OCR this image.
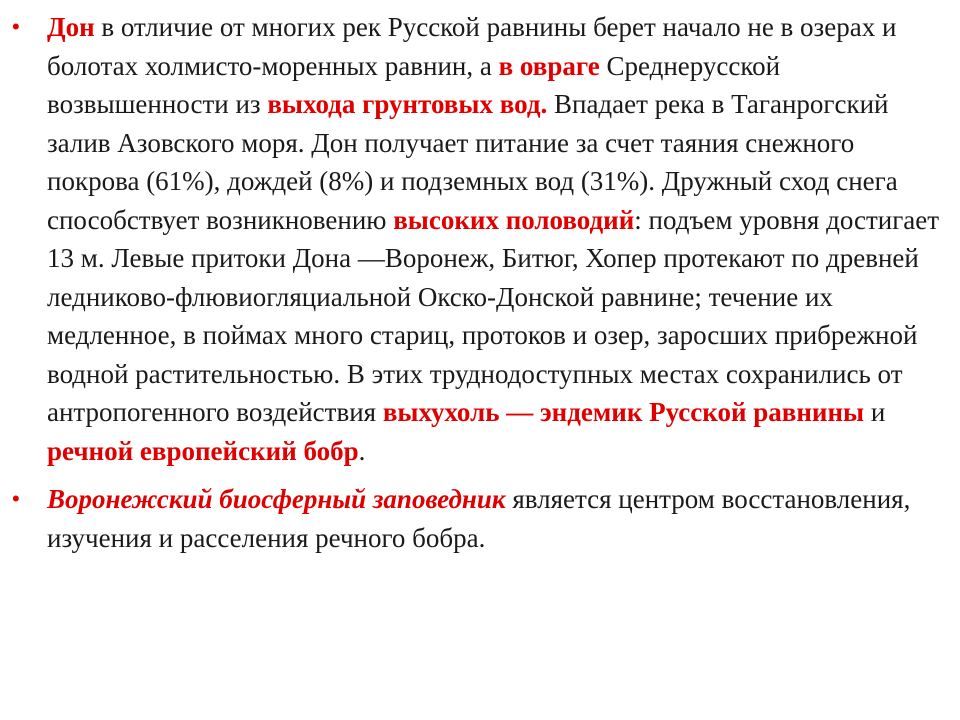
• Дон в отличие от многих рек Русской равнины берет начало не в озерах и болотах холмисто-моренных равнин, а в овраге Среднерусской возвышенности из выхода грунтовых вод. Впадает река в Таганрогский залив Азовского моря. Дон получает питание за счет таяния снежного покрова (61%), дождей (8%) и подземных вод (31%). Дружный сход снега способствует возникновению высоких половодий: подъем уровня достигает 13 м. Левые притоки Дона —Воронеж, Битюг, Хопер протекают по древней ледниково-флювиогляциальной Окско-Донской равнине; течение их медленное, в поймах много стариц, протоков и озер, заросших прибрежной водной растительностью. В этих труднодоступных местах сохранились от антропогенного воздействия выхухоль — эндемик Русской равнины и речной европейский бобр.
• Воронежский биосферный заповедник является центром восстановления, изучения и расселения речного бобра.
